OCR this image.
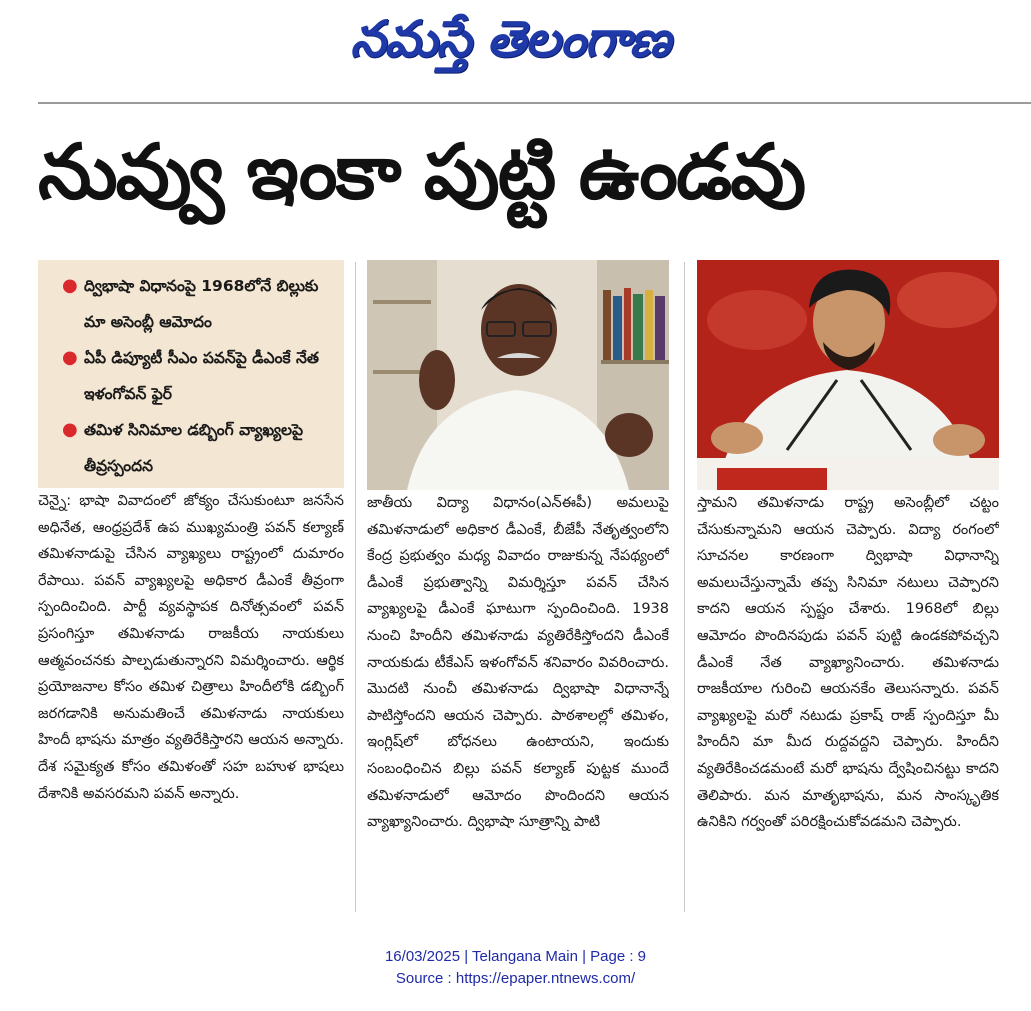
నమస్తే తెలంగాణ
నువ్వు ఇంకా పుట్టి ఉండవు
● ద్విభాషా విధానంపై 1968లోనే బిల్లుకు మా అసెంబ్లీ ఆమోదం
● ఏపీ డిప్యూటీ సీఎం పవన్‌పై డీఎంకే నేత ఇళంగోవన్ ఫైర్
● తమిళ సినిమాల డబ్బింగ్ వ్యాఖ్యలపై తీవ్రస్పందన
చెన్నై: భాషా వివాదంలో జోక్యం చేసుకుంటూ జనసేన అధినేత, ఆంధ్రప్రదేశ్ ఉప ముఖ్యమంత్రి పవన్ కల్యాణ్ తమిళనాడుపై చేసిన వ్యాఖ్యలు రాష్ట్రంలో దుమారం రేపాయి. పవన్ వ్యాఖ్యలపై అధికార డీఎంకే తీవ్రంగా స్పందించింది. పార్టీ వ్యవస్థాపక దినోత్సవంలో పవన్ ప్రసంగిస్తూ తమిళనాడు రాజకీయ నాయకులు ఆత్మవంచనకు పాల్పడుతున్నారని విమర్శించారు. ఆర్థిక ప్రయోజనాల కోసం తమిళ చిత్రాలు హిందీలోకి డబ్బింగ్ జరగడానికి అనుమతించే తమిళనాడు నాయకులు హిందీ భాషను మాత్రం వ్యతిరేకిస్తారని ఆయన అన్నారు. దేశ సమైక్యత కోసం తమిళంతో సహ బహుళ భాషలు దేశానికి అవసరమని పవన్ అన్నారు.
జాతీయ విద్యా విధానం(ఎన్ఈపీ) అమలుపై తమిళనాడులో అధికార డీఎంకే, బీజేపీ నేతృత్వంలోని కేంద్ర ప్రభుత్వం మధ్య వివాదం రాజుకున్న నేపథ్యంలో డీఎంకే ప్రభుత్వాన్ని విమర్శిస్తూ పవన్ చేసిన వ్యాఖ్యలపై డీఎంకే ఘాటుగా స్పందించింది. 1938 నుంచి హిందీని తమిళనాడు వ్యతిరేకిస్తోందని డీఎంకే నాయకుడు టీకేఎస్ ఇళంగోవన్ శనివారం వివరించారు. మొదటి నుంచీ తమిళనాడు ద్విభాషా విధానాన్నే పాటిస్తోందని ఆయన చెప్పారు. పాఠశాలల్లో తమిళం, ఇంగ్లిష్‌లో బోధనలు ఉంటాయని, ఇందుకు సంబంధించిన బిల్లు పవన్ కల్యాణ్ పుట్టక ముందే తమిళనాడులో ఆమోదం పొందిందని ఆయన వ్యాఖ్యానించారు. ద్విభాషా సూత్రాన్ని పాటి
స్తామని తమిళనాడు రాష్ట్ర అసెంబ్లీలో చట్టం చేసుకున్నామని ఆయన చెప్పారు. విద్యా రంగంలో సూచనల కారణంగా ద్విభాషా విధానాన్ని అమలుచేస్తున్నామే తప్ప సినిమా నటులు చెప్పారని కాదని ఆయన స్పష్టం చేశారు. 1968లో బిల్లు ఆమోదం పొందినపుడు పవన్ పుట్టి ఉండకపోవచ్చని డీఎంకే నేత వ్యాఖ్యానించారు. తమిళనాడు రాజకీయాల గురించి ఆయనకేం తెలుసన్నారు. పవన్ వ్యాఖ్యలపై మరో నటుడు ప్రకాష్ రాజ్ స్పందిస్తూ మీ హిందీని మా మీద రుద్దవద్దని చెప్పారు. హిందీని వ్యతిరేకించడమంటే మరో భాషను ద్వేషించినట్టు కాదని తెలిపారు. మన మాతృభాషను, మన సాంస్కృతిక ఉనికిని గర్వంతో పరిరక్షించుకోవడమని చెప్పారు.
16/03/2025 | Telangana Main | Page : 9
Source : https://epaper.ntnews.com/
